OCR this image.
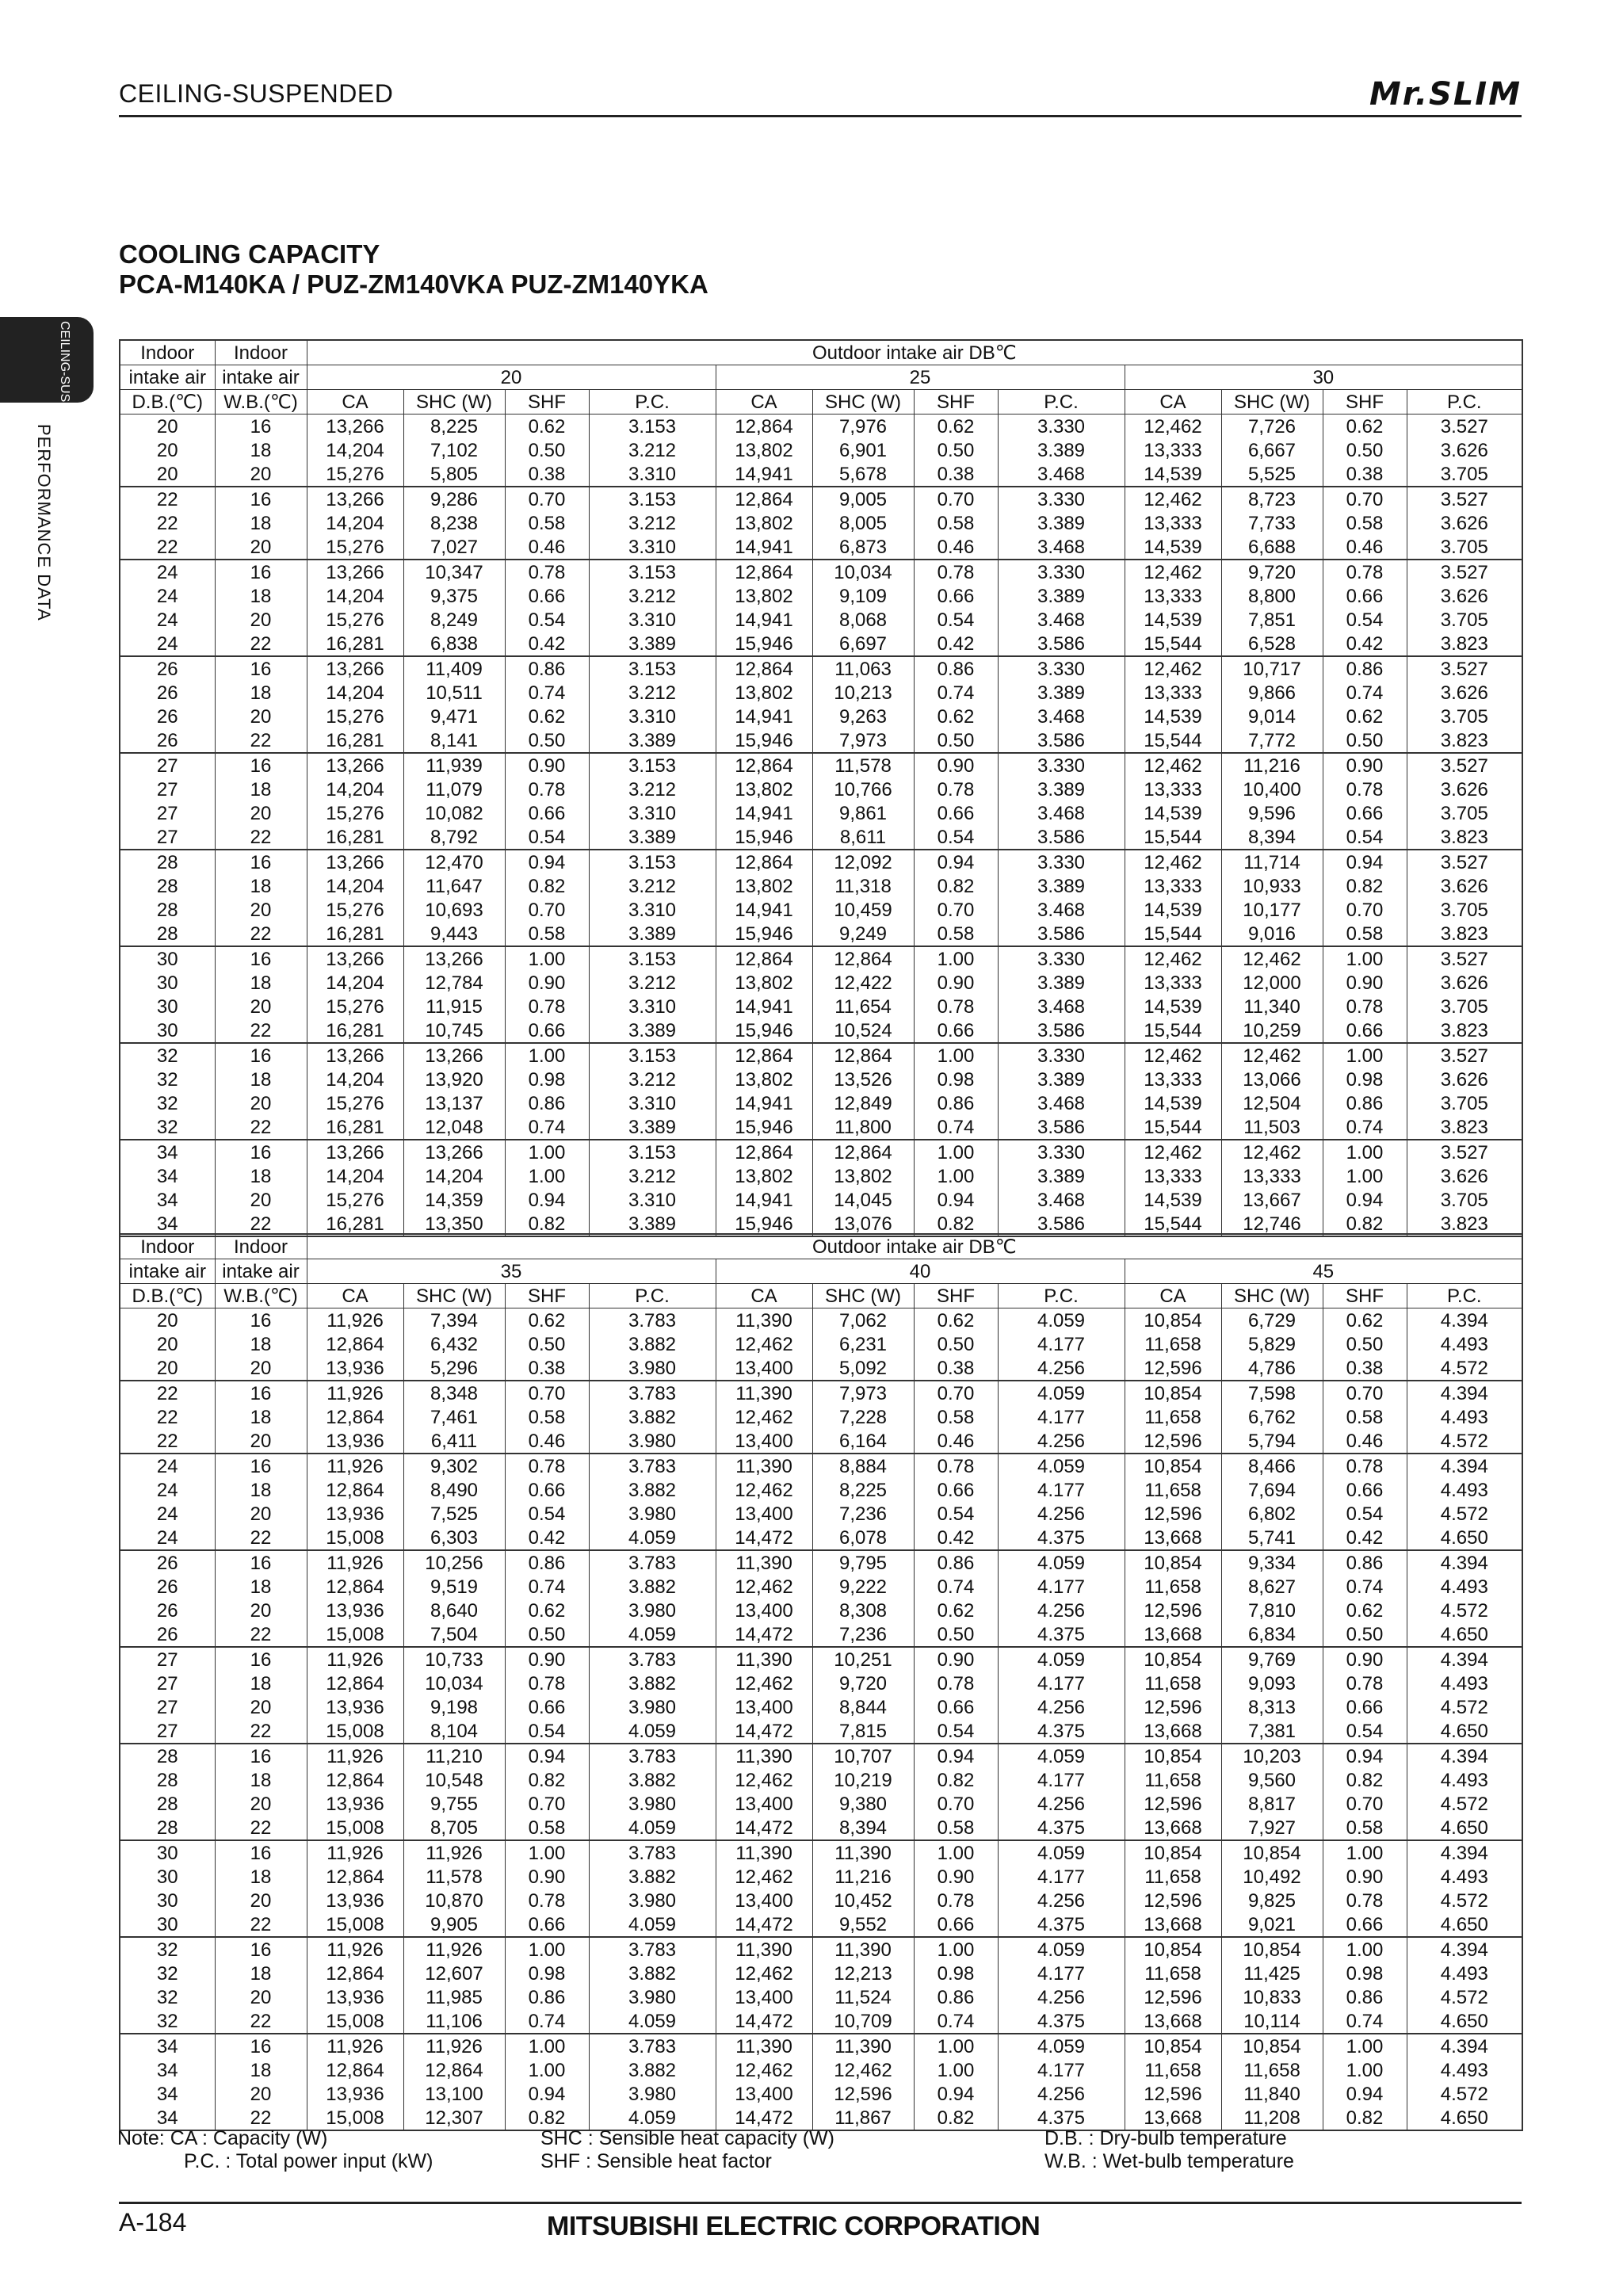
CEILING-SUSPENDED	Mr.SLIM
COOLING CAPACITY
PCA-M140KA / PUZ-ZM140VKA PUZ-ZM140YKA
CEILING-SUSPENDED
PERFORMANCE DATA
Indoor	Indoor	Outdoor intake air DB℃											
intake air	intake air	20				25				30			
D.B.(℃)	W.B.(℃)	CA	SHC (W)	SHF	P.C.	CA	SHC (W)	SHF	P.C.	CA	SHC (W)	SHF	P.C.
20	16	13,266	8,225	0.62	3.153	12,864	7,976	0.62	3.330	12,462	7,726	0.62	3.527
20	18	14,204	7,102	0.50	3.212	13,802	6,901	0.50	3.389	13,333	6,667	0.50	3.626
20	20	15,276	5,805	0.38	3.310	14,941	5,678	0.38	3.468	14,539	5,525	0.38	3.705
22	16	13,266	9,286	0.70	3.153	12,864	9,005	0.70	3.330	12,462	8,723	0.70	3.527
22	18	14,204	8,238	0.58	3.212	13,802	8,005	0.58	3.389	13,333	7,733	0.58	3.626
22	20	15,276	7,027	0.46	3.310	14,941	6,873	0.46	3.468	14,539	6,688	0.46	3.705
24	16	13,266	10,347	0.78	3.153	12,864	10,034	0.78	3.330	12,462	9,720	0.78	3.527
24	18	14,204	9,375	0.66	3.212	13,802	9,109	0.66	3.389	13,333	8,800	0.66	3.626
24	20	15,276	8,249	0.54	3.310	14,941	8,068	0.54	3.468	14,539	7,851	0.54	3.705
24	22	16,281	6,838	0.42	3.389	15,946	6,697	0.42	3.586	15,544	6,528	0.42	3.823
26	16	13,266	11,409	0.86	3.153	12,864	11,063	0.86	3.330	12,462	10,717	0.86	3.527
26	18	14,204	10,511	0.74	3.212	13,802	10,213	0.74	3.389	13,333	9,866	0.74	3.626
26	20	15,276	9,471	0.62	3.310	14,941	9,263	0.62	3.468	14,539	9,014	0.62	3.705
26	22	16,281	8,141	0.50	3.389	15,946	7,973	0.50	3.586	15,544	7,772	0.50	3.823
27	16	13,266	11,939	0.90	3.153	12,864	11,578	0.90	3.330	12,462	11,216	0.90	3.527
27	18	14,204	11,079	0.78	3.212	13,802	10,766	0.78	3.389	13,333	10,400	0.78	3.626
27	20	15,276	10,082	0.66	3.310	14,941	9,861	0.66	3.468	14,539	9,596	0.66	3.705
27	22	16,281	8,792	0.54	3.389	15,946	8,611	0.54	3.586	15,544	8,394	0.54	3.823
28	16	13,266	12,470	0.94	3.153	12,864	12,092	0.94	3.330	12,462	11,714	0.94	3.527
28	18	14,204	11,647	0.82	3.212	13,802	11,318	0.82	3.389	13,333	10,933	0.82	3.626
28	20	15,276	10,693	0.70	3.310	14,941	10,459	0.70	3.468	14,539	10,177	0.70	3.705
28	22	16,281	9,443	0.58	3.389	15,946	9,249	0.58	3.586	15,544	9,016	0.58	3.823
30	16	13,266	13,266	1.00	3.153	12,864	12,864	1.00	3.330	12,462	12,462	1.00	3.527
30	18	14,204	12,784	0.90	3.212	13,802	12,422	0.90	3.389	13,333	12,000	0.90	3.626
30	20	15,276	11,915	0.78	3.310	14,941	11,654	0.78	3.468	14,539	11,340	0.78	3.705
30	22	16,281	10,745	0.66	3.389	15,946	10,524	0.66	3.586	15,544	10,259	0.66	3.823
32	16	13,266	13,266	1.00	3.153	12,864	12,864	1.00	3.330	12,462	12,462	1.00	3.527
32	18	14,204	13,920	0.98	3.212	13,802	13,526	0.98	3.389	13,333	13,066	0.98	3.626
32	20	15,276	13,137	0.86	3.310	14,941	12,849	0.86	3.468	14,539	12,504	0.86	3.705
32	22	16,281	12,048	0.74	3.389	15,946	11,800	0.74	3.586	15,544	11,503	0.74	3.823
34	16	13,266	13,266	1.00	3.153	12,864	12,864	1.00	3.330	12,462	12,462	1.00	3.527
34	18	14,204	14,204	1.00	3.212	13,802	13,802	1.00	3.389	13,333	13,333	1.00	3.626
34	20	15,276	14,359	0.94	3.310	14,941	14,045	0.94	3.468	14,539	13,667	0.94	3.705
34	22	16,281	13,350	0.82	3.389	15,946	13,076	0.82	3.586	15,544	12,746	0.82	3.823
Indoor	Indoor	Outdoor intake air DB℃											
intake air	intake air	35				40				45			
D.B.(℃)	W.B.(℃)	CA	SHC (W)	SHF	P.C.	CA	SHC (W)	SHF	P.C.	CA	SHC (W)	SHF	P.C.
20	16	11,926	7,394	0.62	3.783	11,390	7,062	0.62	4.059	10,854	6,729	0.62	4.394
20	18	12,864	6,432	0.50	3.882	12,462	6,231	0.50	4.177	11,658	5,829	0.50	4.493
20	20	13,936	5,296	0.38	3.980	13,400	5,092	0.38	4.256	12,596	4,786	0.38	4.572
22	16	11,926	8,348	0.70	3.783	11,390	7,973	0.70	4.059	10,854	7,598	0.70	4.394
22	18	12,864	7,461	0.58	3.882	12,462	7,228	0.58	4.177	11,658	6,762	0.58	4.493
22	20	13,936	6,411	0.46	3.980	13,400	6,164	0.46	4.256	12,596	5,794	0.46	4.572
24	16	11,926	9,302	0.78	3.783	11,390	8,884	0.78	4.059	10,854	8,466	0.78	4.394
24	18	12,864	8,490	0.66	3.882	12,462	8,225	0.66	4.177	11,658	7,694	0.66	4.493
24	20	13,936	7,525	0.54	3.980	13,400	7,236	0.54	4.256	12,596	6,802	0.54	4.572
24	22	15,008	6,303	0.42	4.059	14,472	6,078	0.42	4.375	13,668	5,741	0.42	4.650
26	16	11,926	10,256	0.86	3.783	11,390	9,795	0.86	4.059	10,854	9,334	0.86	4.394
26	18	12,864	9,519	0.74	3.882	12,462	9,222	0.74	4.177	11,658	8,627	0.74	4.493
26	20	13,936	8,640	0.62	3.980	13,400	8,308	0.62	4.256	12,596	7,810	0.62	4.572
26	22	15,008	7,504	0.50	4.059	14,472	7,236	0.50	4.375	13,668	6,834	0.50	4.650
27	16	11,926	10,733	0.90	3.783	11,390	10,251	0.90	4.059	10,854	9,769	0.90	4.394
27	18	12,864	10,034	0.78	3.882	12,462	9,720	0.78	4.177	11,658	9,093	0.78	4.493
27	20	13,936	9,198	0.66	3.980	13,400	8,844	0.66	4.256	12,596	8,313	0.66	4.572
27	22	15,008	8,104	0.54	4.059	14,472	7,815	0.54	4.375	13,668	7,381	0.54	4.650
28	16	11,926	11,210	0.94	3.783	11,390	10,707	0.94	4.059	10,854	10,203	0.94	4.394
28	18	12,864	10,548	0.82	3.882	12,462	10,219	0.82	4.177	11,658	9,560	0.82	4.493
28	20	13,936	9,755	0.70	3.980	13,400	9,380	0.70	4.256	12,596	8,817	0.70	4.572
28	22	15,008	8,705	0.58	4.059	14,472	8,394	0.58	4.375	13,668	7,927	0.58	4.650
30	16	11,926	11,926	1.00	3.783	11,390	11,390	1.00	4.059	10,854	10,854	1.00	4.394
30	18	12,864	11,578	0.90	3.882	12,462	11,216	0.90	4.177	11,658	10,492	0.90	4.493
30	20	13,936	10,870	0.78	3.980	13,400	10,452	0.78	4.256	12,596	9,825	0.78	4.572
30	22	15,008	9,905	0.66	4.059	14,472	9,552	0.66	4.375	13,668	9,021	0.66	4.650
32	16	11,926	11,926	1.00	3.783	11,390	11,390	1.00	4.059	10,854	10,854	1.00	4.394
32	18	12,864	12,607	0.98	3.882	12,462	12,213	0.98	4.177	11,658	11,425	0.98	4.493
32	20	13,936	11,985	0.86	3.980	13,400	11,524	0.86	4.256	12,596	10,833	0.86	4.572
32	22	15,008	11,106	0.74	4.059	14,472	10,709	0.74	4.375	13,668	10,114	0.74	4.650
34	16	11,926	11,926	1.00	3.783	11,390	11,390	1.00	4.059	10,854	10,854	1.00	4.394
34	18	12,864	12,864	1.00	3.882	12,462	12,462	1.00	4.177	11,658	11,658	1.00	4.493
34	20	13,936	13,100	0.94	3.980	13,400	12,596	0.94	4.256	12,596	11,840	0.94	4.572
34	22	15,008	12,307	0.82	4.059	14,472	11,867	0.82	4.375	13,668	11,208	0.82	4.650
Note: CA : Capacity (W)
P.C. : Total power input (kW)
SHC : Sensible heat capacity (W)
SHF : Sensible heat factor
D.B. : Dry-bulb temperature
W.B. : Wet-bulb temperature
A-184	MITSUBISHI ELECTRIC CORPORATION
